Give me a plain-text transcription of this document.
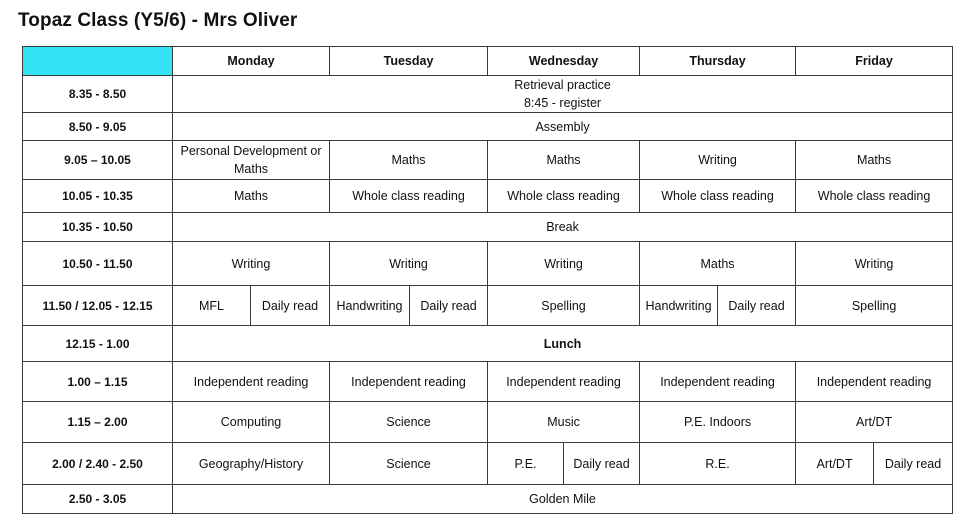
Topaz Class (Y5/6) - Mrs Oliver
	Monday		Tuesday		Wednesday		Thursday		Friday	
8.35 - 8.50	Retrieval practice
8:45 - register									

8.50 - 9.05	Assembly									
9.05 – 10.05	Personal Development or Maths		Maths		Maths		Writing		Maths	
10.05 - 10.35	Maths		Whole class reading		Whole class reading		Whole class reading		Whole class reading	
10.35 - 10.50	Break									
10.50 - 11.50	Writing		Writing		Writing		Maths		Writing	
11.50 / 12.05 - 12.15	MFL	Daily read	Handwriting	Daily read	Spelling		Handwriting	Daily read	Spelling	
12.15 - 1.00	Lunch									
1.00 – 1.15	Independent reading		Independent reading		Independent reading		Independent reading		Independent reading	
1.15 – 2.00	Computing		Science		Music		P.E. Indoors		Art/DT	
2.00 / 2.40 - 2.50	Geography/History		Science		P.E.	Daily read	R.E.		Art/DT	Daily read
2.50 - 3.05	Golden Mile									
